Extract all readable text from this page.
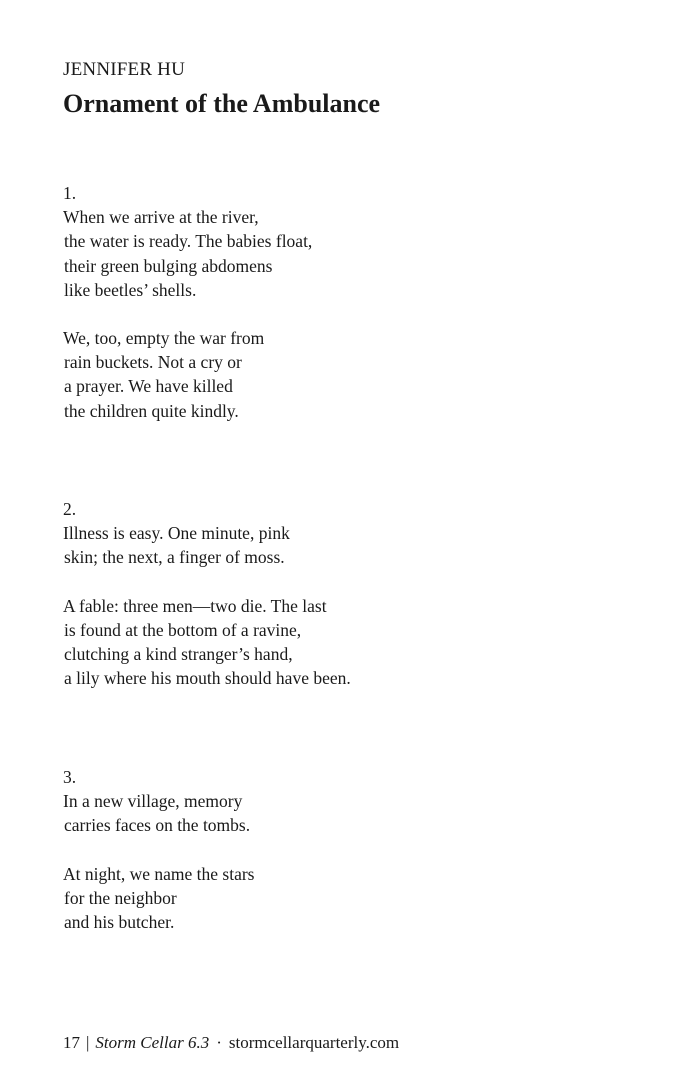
JENNIFER HU
Ornament of the Ambulance
1.
When we arrive at the river,
the water is ready. The babies float,
their green bulging abdomens
like beetles’ shells.
We, too, empty the war from
rain buckets. Not a cry or
a prayer. We have killed
the children quite kindly.
2.
Illness is easy. One minute, pink
skin; the next, a finger of moss.
A fable: three men—two die. The last
is found at the bottom of a ravine,
clutching a kind stranger’s hand,
a lily where his mouth should have been.
3.
In a new village, memory
carries faces on the tombs.
At night, we name the stars
for the neighbor
and his butcher.
17 | Storm Cellar 6.3 · stormcellarquarterly.com
